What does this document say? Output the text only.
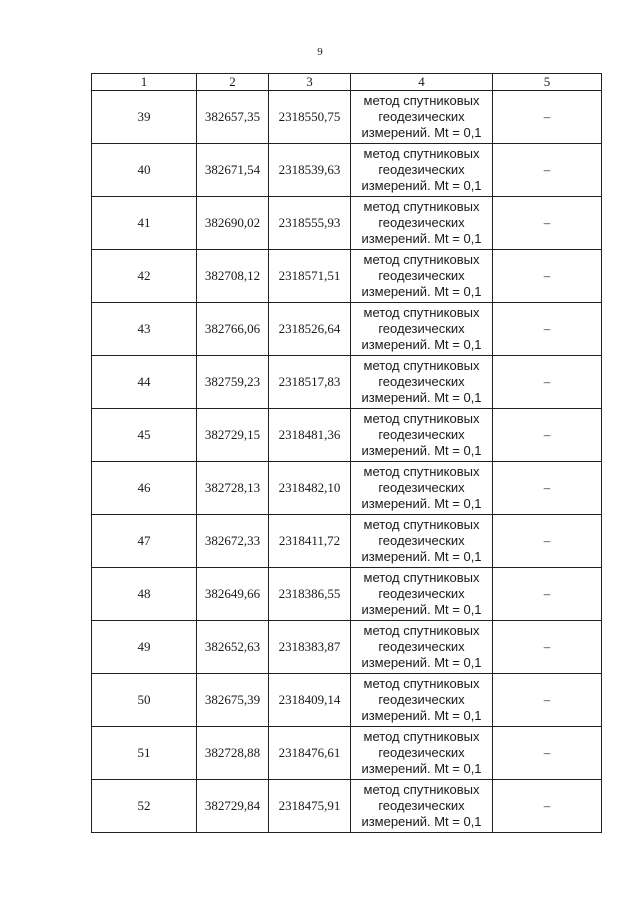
9
1	2	3	4	5
39	382657,35	2318550,75	метод спутниковых геодезических измерений. Mt = 0,1	–
40	382671,54	2318539,63	метод спутниковых геодезических измерений. Mt = 0,1	–
41	382690,02	2318555,93	метод спутниковых геодезических измерений. Mt = 0,1	–
42	382708,12	2318571,51	метод спутниковых геодезических измерений. Mt = 0,1	–
43	382766,06	2318526,64	метод спутниковых геодезических измерений. Mt = 0,1	–
44	382759,23	2318517,83	метод спутниковых геодезических измерений. Mt = 0,1	–
45	382729,15	2318481,36	метод спутниковых геодезических измерений. Mt = 0,1	–
46	382728,13	2318482,10	метод спутниковых геодезических измерений. Mt = 0,1	–
47	382672,33	2318411,72	метод спутниковых геодезических измерений. Mt = 0,1	–
48	382649,66	2318386,55	метод спутниковых геодезических измерений. Mt = 0,1	–
49	382652,63	2318383,87	метод спутниковых геодезических измерений. Mt = 0,1	–
50	382675,39	2318409,14	метод спутниковых геодезических измерений. Mt = 0,1	–
51	382728,88	2318476,61	метод спутниковых геодезических измерений. Mt = 0,1	–
52	382729,84	2318475,91	метод спутниковых геодезических измерений. Mt = 0,1	–
